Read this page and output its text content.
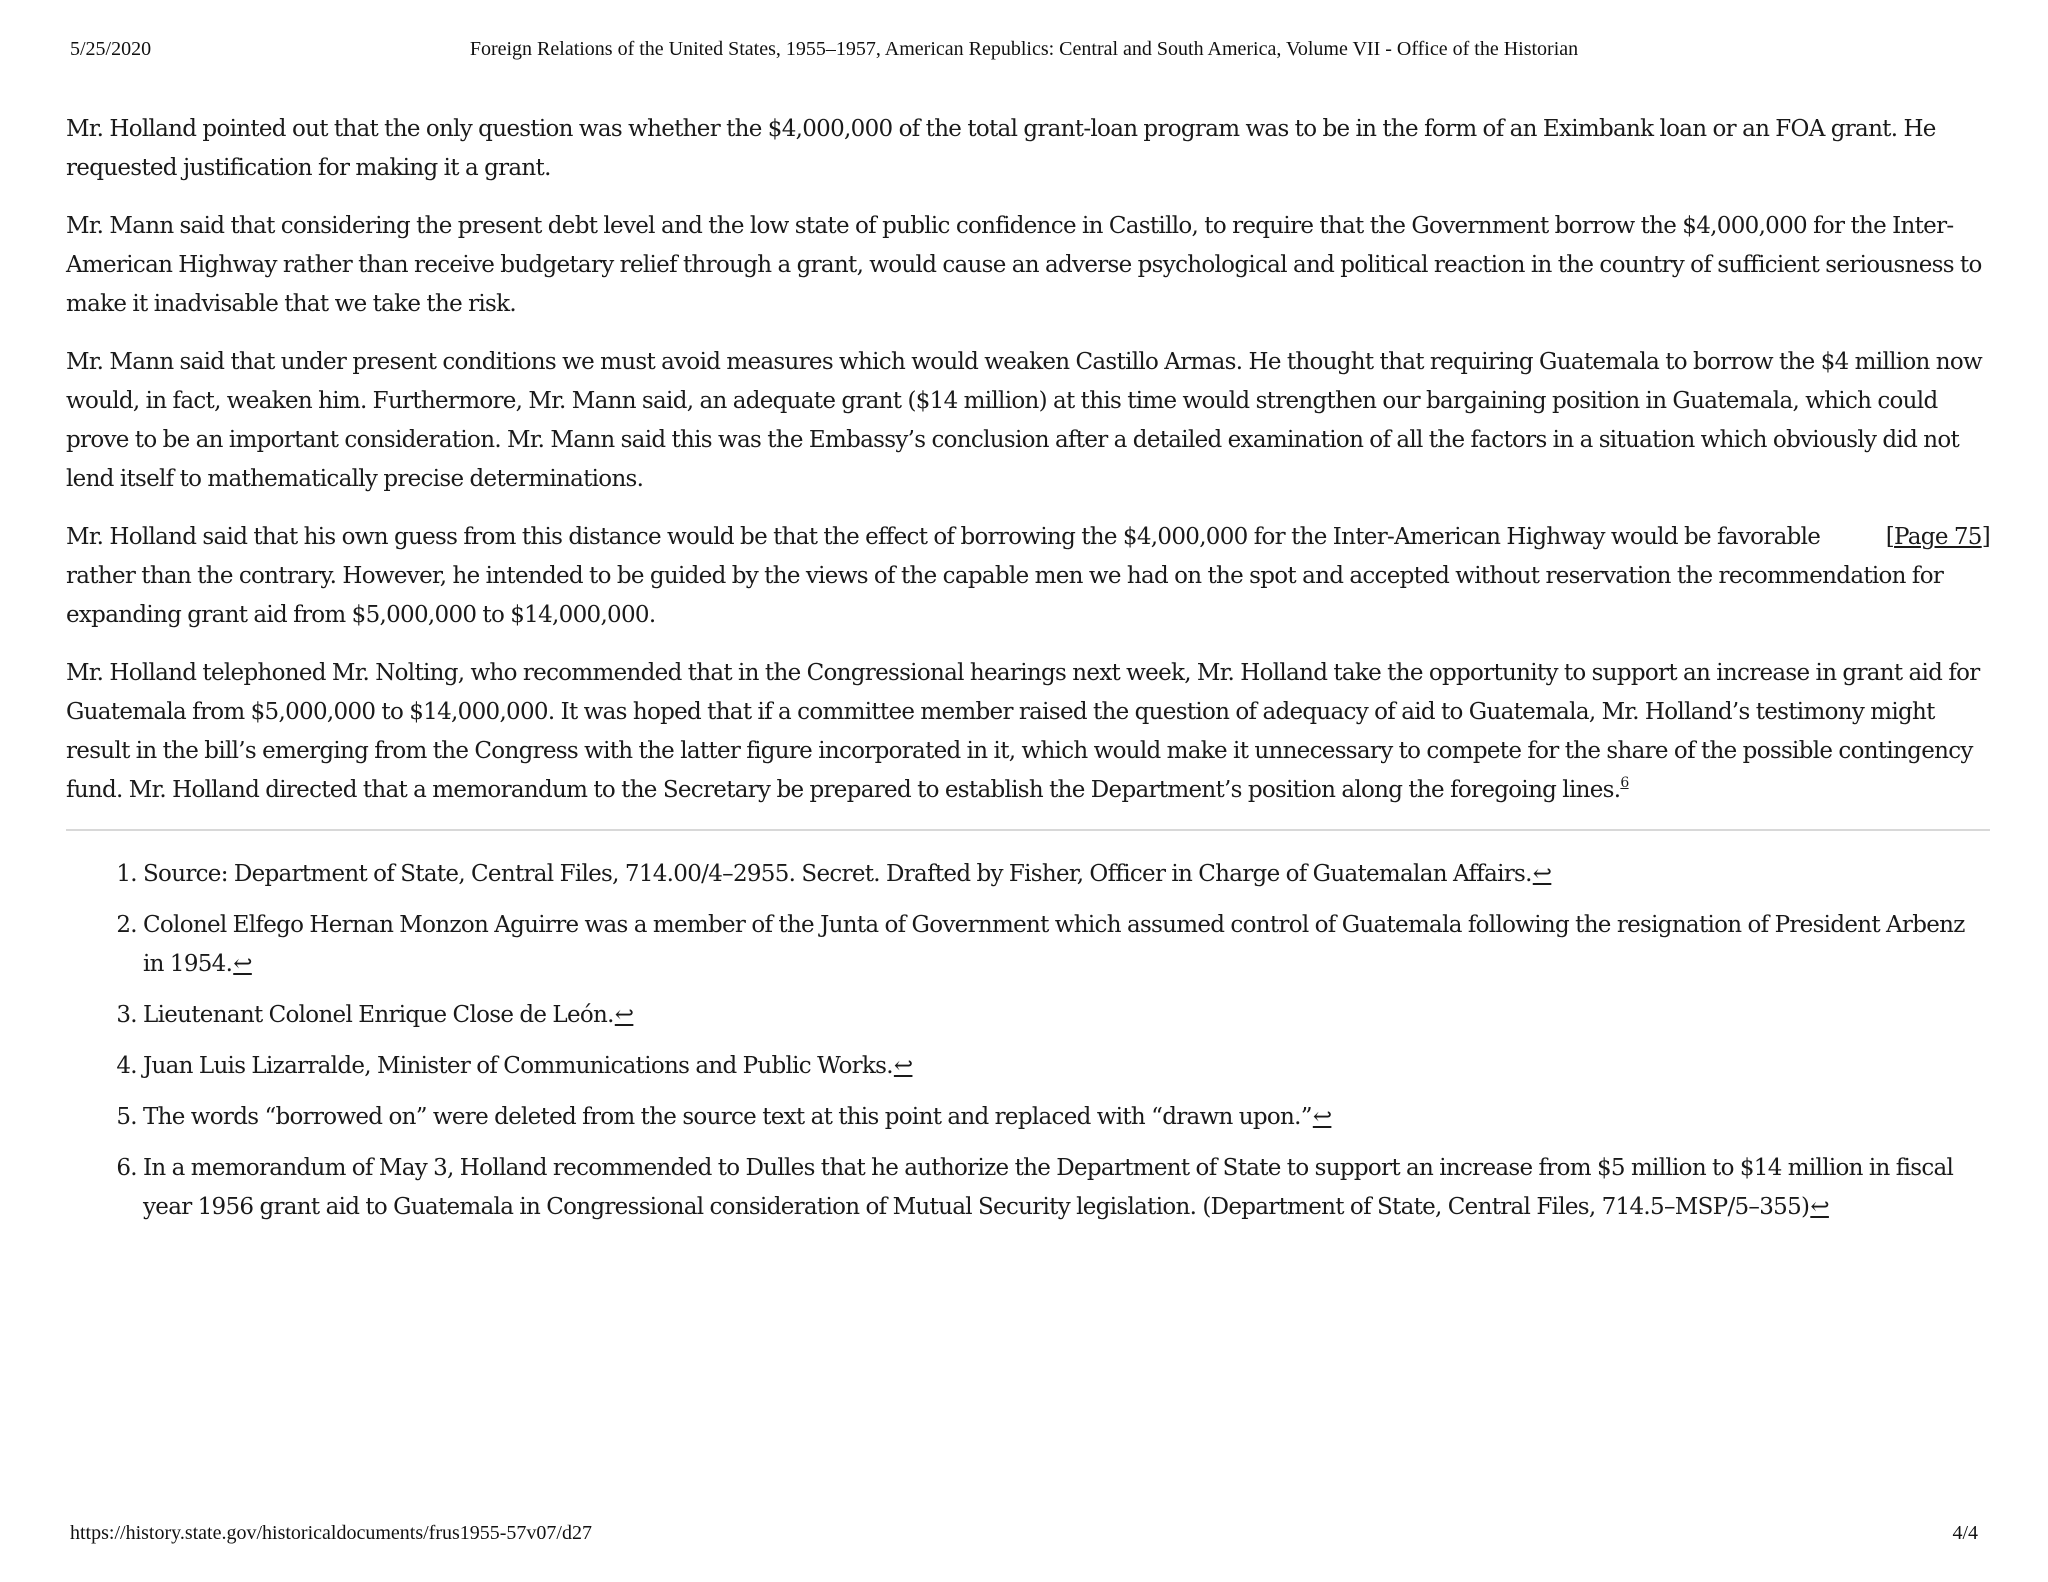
5/25/2020	Foreign Relations of the United States, 1955–1957, American Republics: Central and South America, Volume VII - Office of the Historian

Mr. Holland pointed out that the only question was whether the $4,000,000 of the total grant-loan program was to be in the form of an Eximbank loan or an FOA grant. He requested justification for making it a grant.

Mr. Mann said that considering the present debt level and the low state of public confidence in Castillo, to require that the Government borrow the $4,000,000 for the Inter-American Highway rather than receive budgetary relief through a grant, would cause an adverse psychological and political reaction in the country of sufficient seriousness to make it inadvisable that we take the risk.

Mr. Mann said that under present conditions we must avoid measures which would weaken Castillo Armas. He thought that requiring Guatemala to borrow the $4 million now would, in fact, weaken him. Furthermore, Mr. Mann said, an adequate grant ($14 million) at this time would strengthen our bargaining position in Guatemala, which could prove to be an important consideration. Mr. Mann said this was the Embassy’s conclusion after a detailed examination of all the factors in a situation which obviously did not lend itself to mathematically precise determinations.

[Page 75]
Mr. Holland said that his own guess from this distance would be that the effect of borrowing the $4,000,000 for the Inter-American Highway would be favorable rather than the contrary. However, he intended to be guided by the views of the capable men we had on the spot and accepted without reservation the recommendation for expanding grant aid from $5,000,000 to $14,000,000.

Mr. Holland telephoned Mr. Nolting, who recommended that in the Congressional hearings next week, Mr. Holland take the opportunity to support an increase in grant aid for Guatemala from $5,000,000 to $14,000,000. It was hoped that if a committee member raised the question of adequacy of aid to Guatemala, Mr. Holland’s testimony might result in the bill’s emerging from the Congress with the latter figure incorporated in it, which would make it unnecessary to compete for the share of the possible contingency fund. Mr. Holland directed that a memorandum to the Secretary be prepared to establish the Department’s position along the foregoing lines.$^6$

1. Source: Department of State, Central Files, 714.00/4–2955. Secret. Drafted by Fisher, Officer in Charge of Guatemalan Affairs.↩
2. Colonel Elfego Hernan Monzon Aguirre was a member of the Junta of Government which assumed control of Guatemala following the resignation of President Arbenz in 1954.↩
3. Lieutenant Colonel Enrique Close de León.↩
4. Juan Luis Lizarralde, Minister of Communications and Public Works.↩
5. The words “borrowed on” were deleted from the source text at this point and replaced with “drawn upon.”↩
6. In a memorandum of May 3, Holland recommended to Dulles that he authorize the Department of State to support an increase from $5 million to $14 million in fiscal year 1956 grant aid to Guatemala in Congressional consideration of Mutual Security legislation. (Department of State, Central Files, 714.5–MSP/5–355)↩
https://history.state.gov/historicaldocuments/frus1955-57v07/d27	4/4
